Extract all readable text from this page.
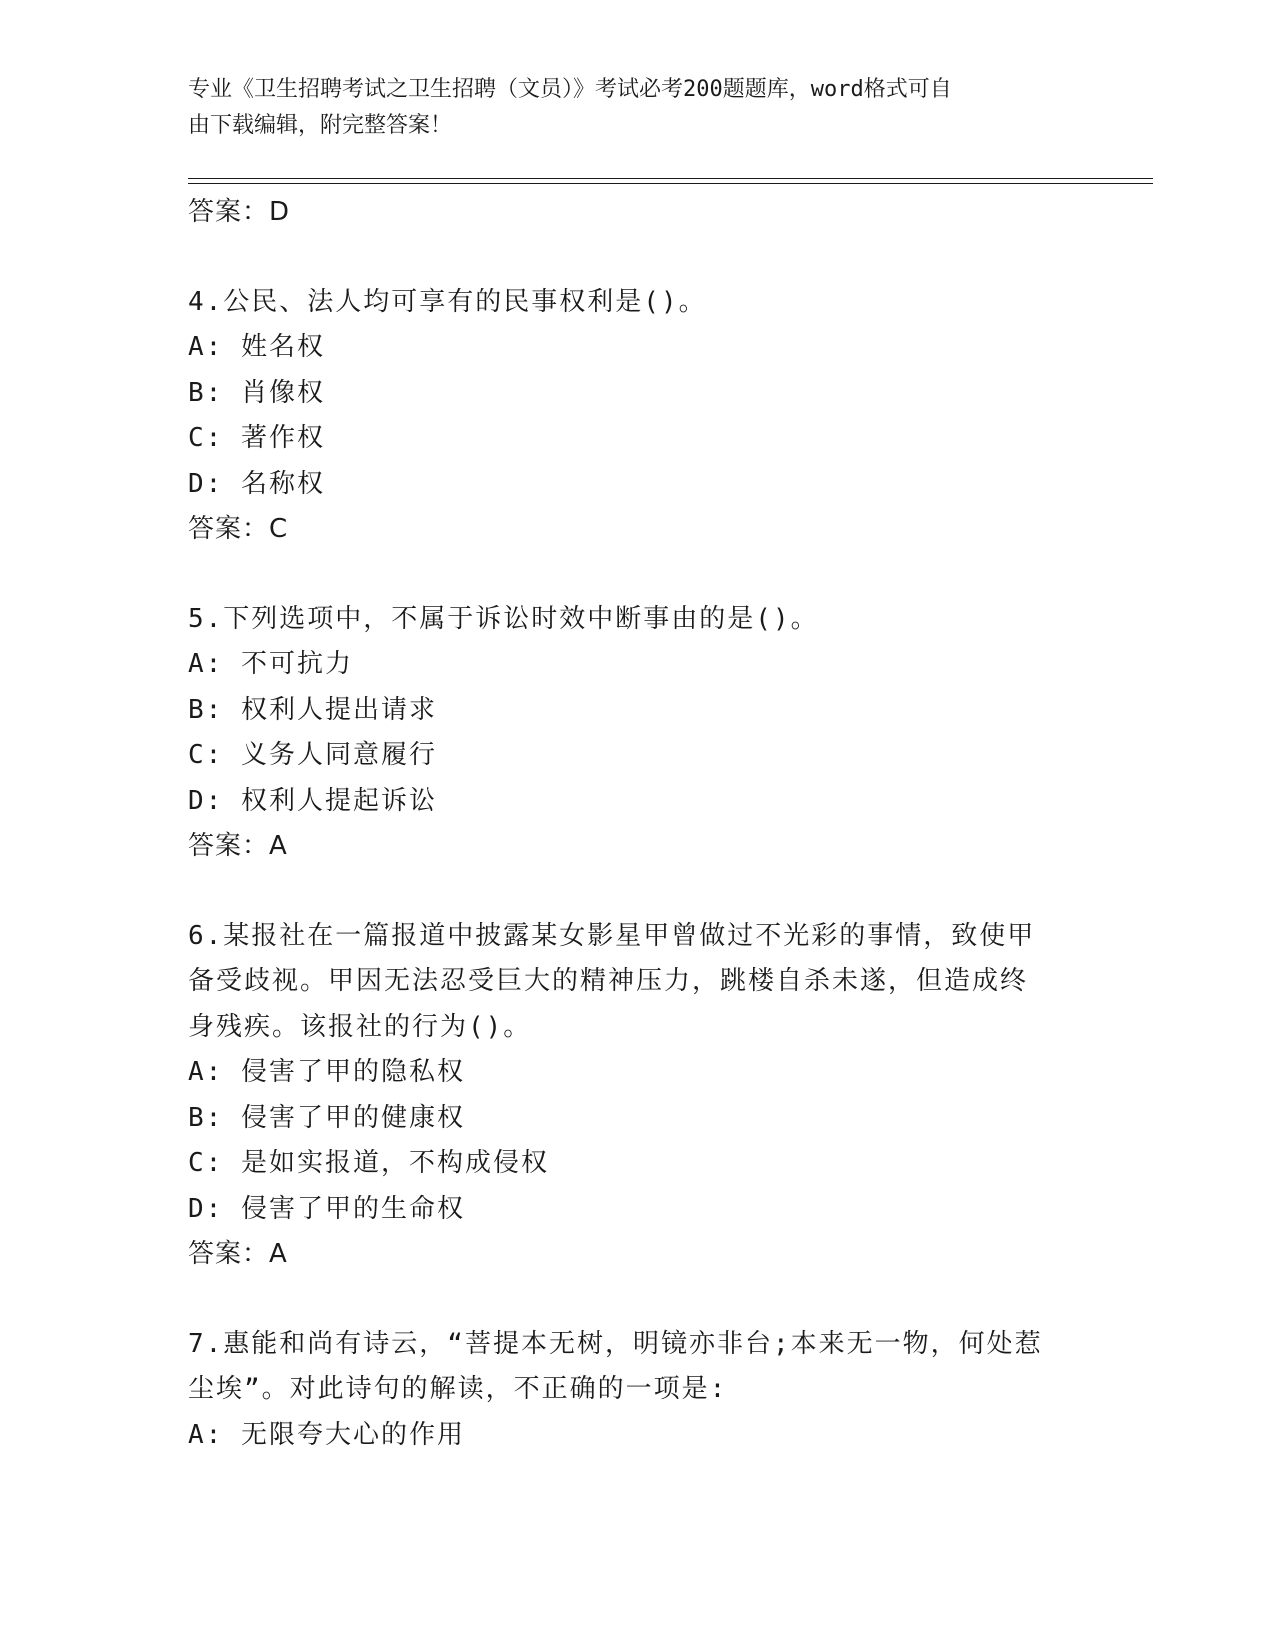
专业《卫生招聘考试之卫生招聘（文员）》考试必考200题题库，word格式可自
由下载编辑，附完整答案！
答案：D
4.公民、法人均可享有的民事权利是()。
A: 姓名权
B: 肖像权
C: 著作权
D: 名称权
答案：C
5.下列选项中，不属于诉讼时效中断事由的是()。
A: 不可抗力
B: 权利人提出请求
C: 义务人同意履行
D: 权利人提起诉讼
答案：A
6.某报社在一篇报道中披露某女影星甲曾做过不光彩的事情，致使甲
备受歧视。甲因无法忍受巨大的精神压力，跳楼自杀未遂，但造成终
身残疾。该报社的行为()。
A: 侵害了甲的隐私权
B: 侵害了甲的健康权
C: 是如实报道，不构成侵权
D: 侵害了甲的生命权
答案：A
7.惠能和尚有诗云，“菩提本无树，明镜亦非台;本来无一物，何处惹
尘埃”。对此诗句的解读，不正确的一项是:
A: 无限夸大心的作用
